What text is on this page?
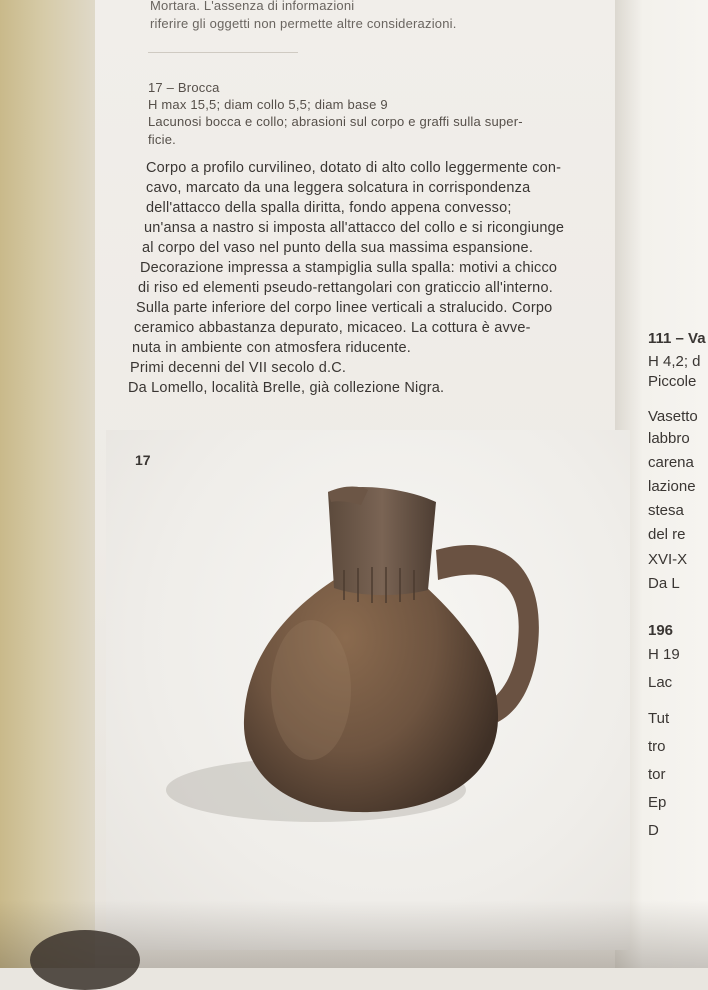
Mortara. L'assenza di informazioni
riferire gli oggetti non permette altre considerazioni.
17 – Brocca
H max 15,5; diam collo 5,5; diam base 9
Lacunosi bocca e collo; abrasioni sul corpo e graffi sulla super-
ficie.
Corpo a profilo curvilineo, dotato di alto collo leggermente con-
cavo, marcato da una leggera solcatura in corrispondenza
dell'attacco della spalla diritta, fondo appena convesso;
un'ansa a nastro si imposta all'attacco del collo e si ricongiunge
al corpo del vaso nel punto della sua massima espansione.
Decorazione impressa a stampiglia sulla spalla: motivi a chicco
di riso ed elementi pseudo-rettangolari con graticcio all'interno.
Sulla parte inferiore del corpo linee verticali a stralucido. Corpo
ceramico abbastanza depurato, micaceo. La cottura è avve-
nuta in ambiente con atmosfera riducente.
Primi decenni del VII secolo d.C.
Da Lomello, località Brelle, già collezione Nigra.
17
111 – Va
H 4,2; d
Piccole
Vasetto
labbro
carena
lazione
stesa
del re
XVI-X
Da L
196
H 19
Lac
Tut
tro
tor
Ep
D
